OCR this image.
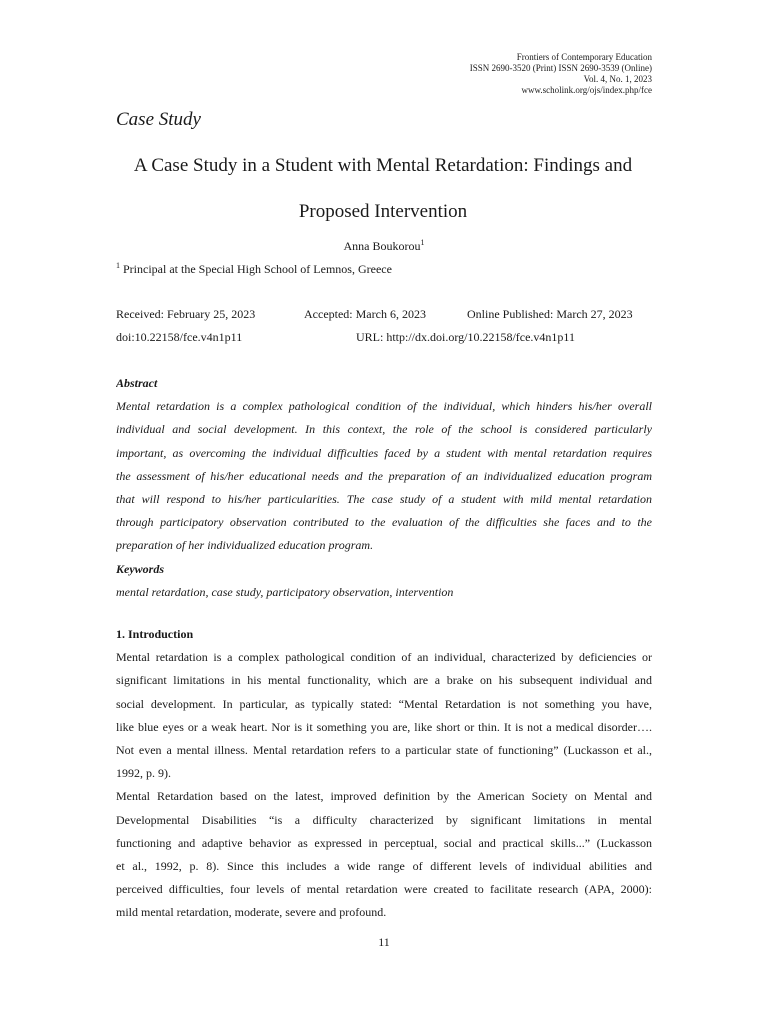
Frontiers of Contemporary Education
ISSN 2690-3520 (Print) ISSN 2690-3539 (Online)
Vol. 4, No. 1, 2023
www.scholink.org/ojs/index.php/fce
Case Study
A Case Study in a Student with Mental Retardation: Findings and
Proposed Intervention
Anna Boukorou$^1$
$^1$ Principal at the Special High School of Lemnos, Greece
Received: February 25, 2023	Accepted: March 6, 2023	Online Published: March 27, 2023
doi:10.22158/fce.v4n1p11	URL: http://dx.doi.org/10.22158/fce.v4n1p11
Abstract
Mental retardation is a complex pathological condition of the individual, which hinders his/her overall
individual and social development. In this context, the role of the school is considered particularly
important, as overcoming the individual difficulties faced by a student with mental retardation requires
the assessment of his/her educational needs and the preparation of an individualized education program
that will respond to his/her particularities. The case study of a student with mild mental retardation
through participatory observation contributed to the evaluation of the difficulties she faces and to the
preparation of her individualized education program.
Keywords
mental retardation, case study, participatory observation, intervention
1. Introduction
Mental retardation is a complex pathological condition of an individual, characterized by deficiencies or
significant limitations in his mental functionality, which are a brake on his subsequent individual and
social development. In particular, as typically stated: “Mental Retardation is not something you have,
like blue eyes or a weak heart. Nor is it something you are, like short or thin. It is not a medical disorder….
Not even a mental illness. Mental retardation refers to a particular state of functioning” (Luckasson et al.,
1992, p. 9).
Mental Retardation based on the latest, improved definition by the American Society on Mental and
Developmental Disabilities “is a difficulty characterized by significant limitations in mental
functioning and adaptive behavior as expressed in perceptual, social and practical skills...” (Luckasson
et al., 1992, p. 8). Since this includes a wide range of different levels of individual abilities and
perceived difficulties, four levels of mental retardation were created to facilitate research (APA, 2000):
mild mental retardation, moderate, severe and profound.
11
